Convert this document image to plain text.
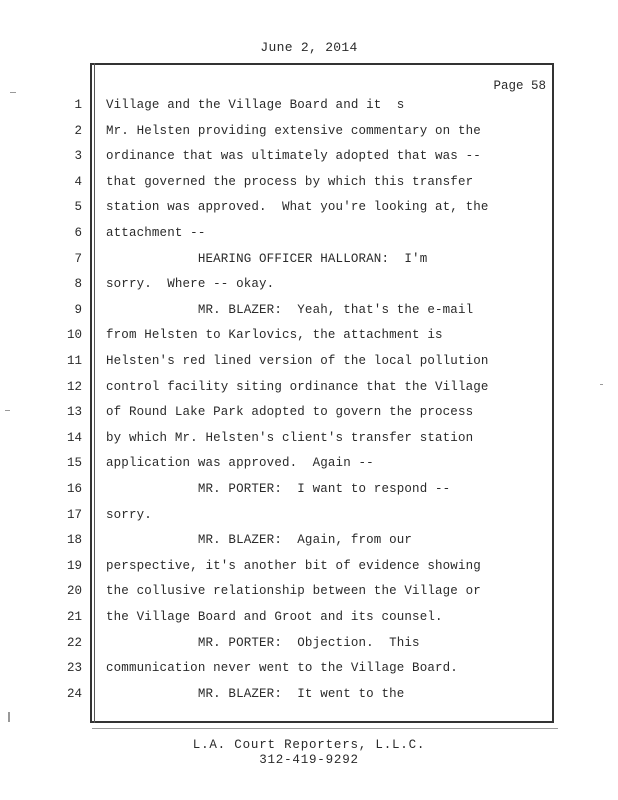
June 2, 2014
Page 58
1 Village and the Village Board and it  s
2 Mr. Helsten providing extensive commentary on the
3 ordinance that was ultimately adopted that was --
4 that governed the process by which this transfer
5 station was approved.  What you're looking at, the
6 attachment --
7 HEARING OFFICER HALLORAN:  I'm
8 sorry.  Where -- okay.
9 MR. BLAZER:  Yeah, that's the e-mail
10 from Helsten to Karlovics, the attachment is
11 Helsten's red lined version of the local pollution
12 control facility siting ordinance that the Village
13 of Round Lake Park adopted to govern the process
14 by which Mr. Helsten's client's transfer station
15 application was approved.  Again --
16 MR. PORTER:  I want to respond --
17 sorry.
18 MR. BLAZER:  Again, from our
19 perspective, it's another bit of evidence showing
20 the collusive relationship between the Village or
21 the Village Board and Groot and its counsel.
22 MR. PORTER:  Objection.  This
23 communication never went to the Village Board.
24 MR. BLAZER:  It went to the
L.A. Court Reporters, L.L.C.
312-419-9292
